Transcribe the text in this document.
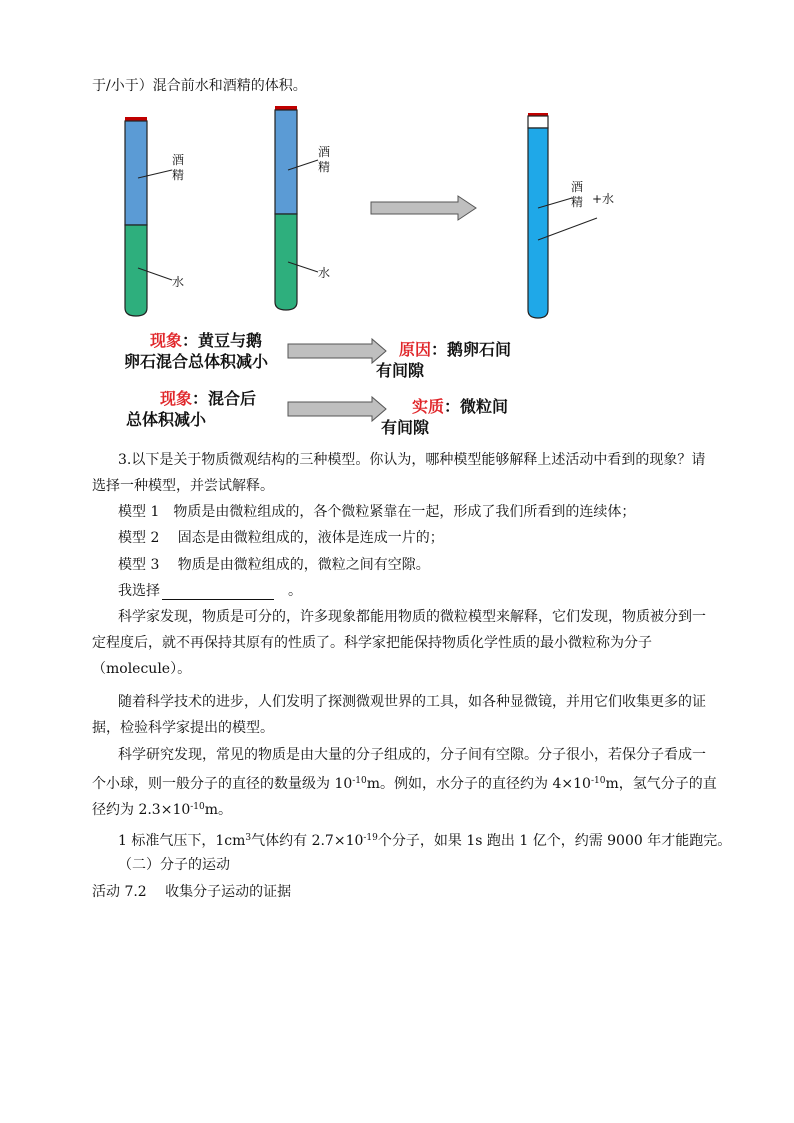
于/小于）混合前水和酒精的体积。
酒精
水
酒精
水
酒精 +水
现象：黄豆与鹅
卵石混合总体积减小
原因：鹅卵石间
有间隙
现象：混合后
总体积减小
实质：微粒间
有间隙
3.以下是关于物质微观结构的三种模型。你认为，哪种模型能够解释上述活动中看到的现象？请
选择一种模型，并尝试解释。
模型 1　物质是由微粒组成的，各个微粒紧靠在一起，形成了我们所看到的连续体；
模型 2　 固态是由微粒组成的，液体是连成一片的；
模型 3　 物质是由微粒组成的，微粒之间有空隙。
我选择	。
科学家发现，物质是可分的，许多现象都能用物质的微粒模型来解释，它们发现，物质被分到一
定程度后，就不再保持其原有的性质了。科学家把能保持物质化学性质的最小微粒称为分子
（molecule）。
随着科学技术的进步，人们发明了探测微观世界的工具，如各种显微镜，并用它们收集更多的证
据，检验科学家提出的模型。
科学研究发现，常见的物质是由大量的分子组成的，分子间有空隙。分子很小，若保分子看成一
个小球，则一般分子的直径的数量级为 $10^{-10}m$。例如，水分子的直径约为 $4\times 10^{-10}m$，氢气分子的直
径约为 $2.3\times 10^{-10}m$。
1 标准气压下，$1cm^3$气体约有 $2.7\times 10^{-19}$个分子，如果 1s 跑出 1 亿个，约需 9000 年才能跑完。
（二）分子的运动
活动 7.2　 收集分子运动的证据
